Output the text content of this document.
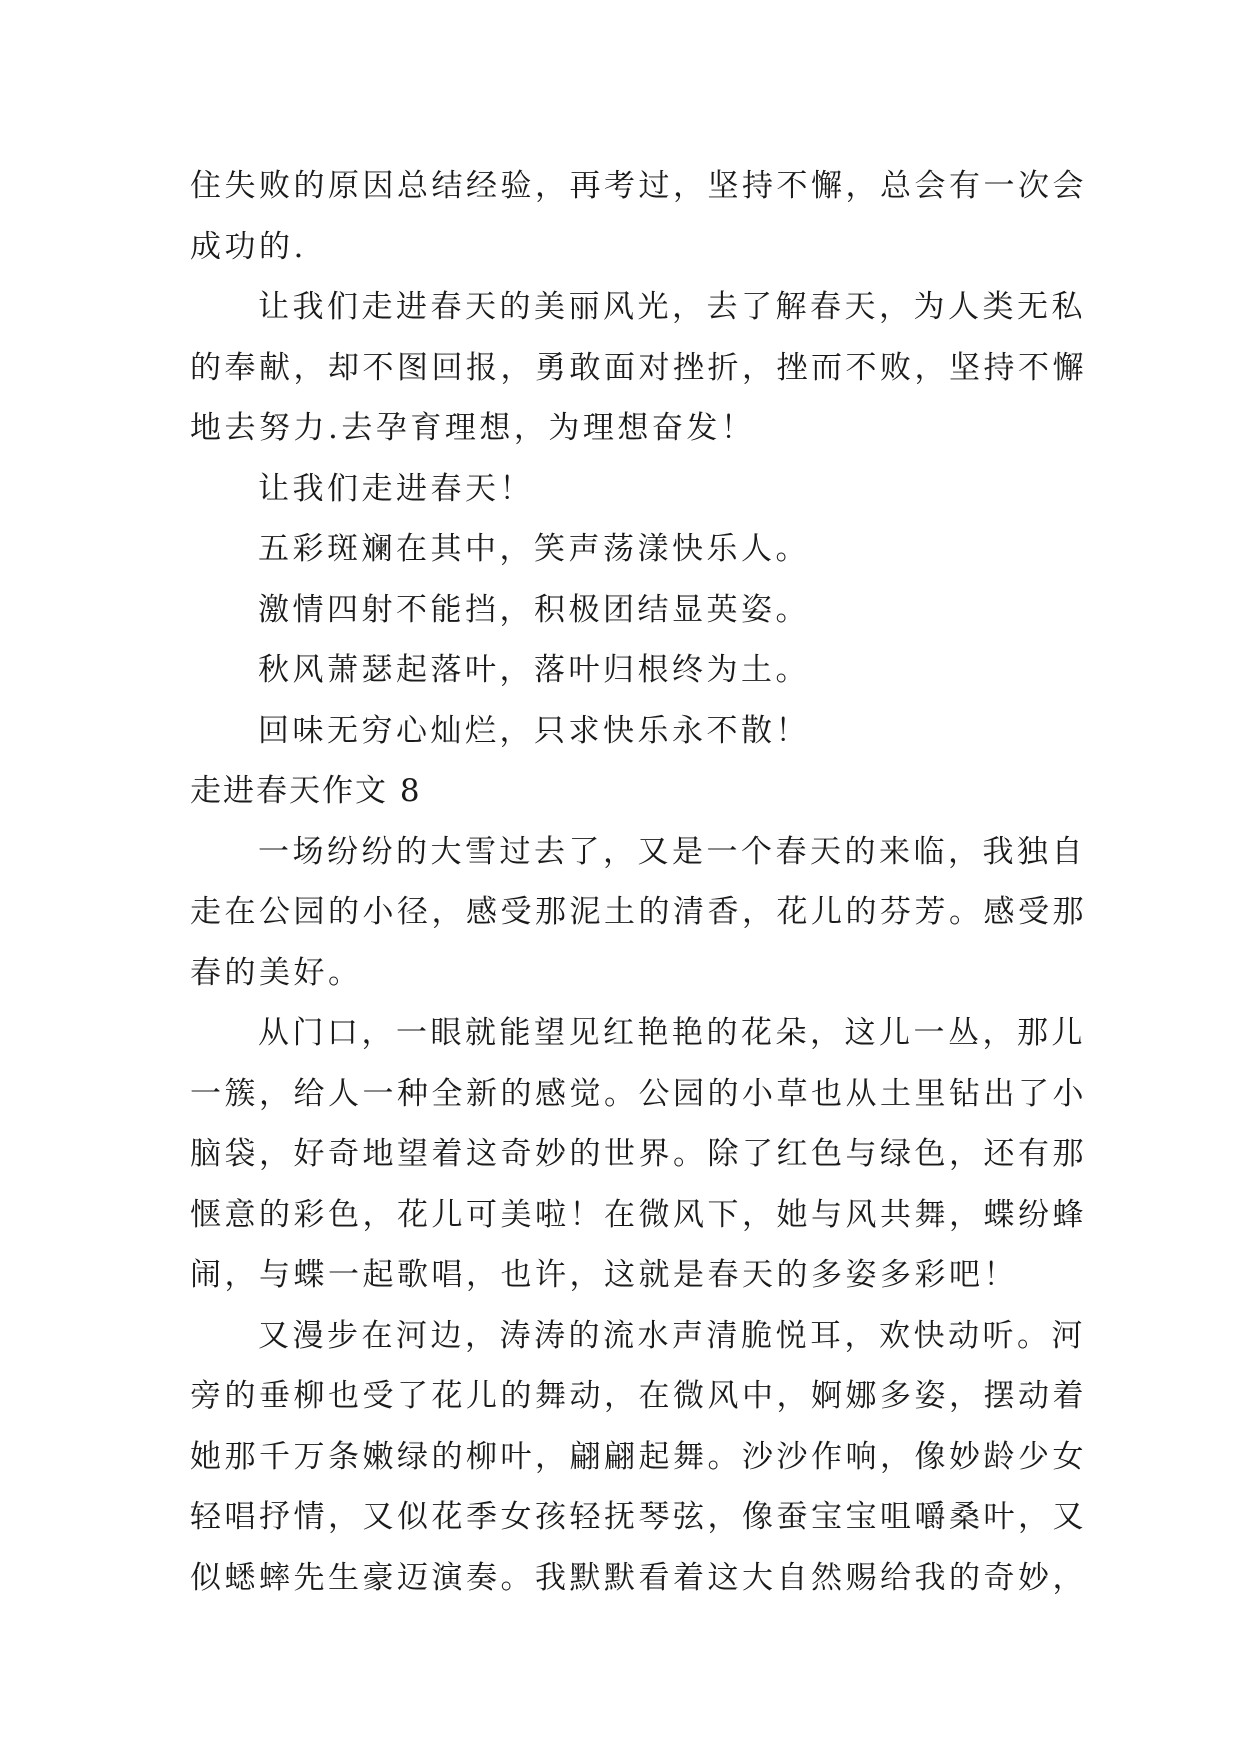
住失败的原因总结经验，再考过，坚持不懈，总会有一次会
成功的.
让我们走进春天的美丽风光，去了解春天，为人类无私
的奉献，却不图回报，勇敢面对挫折，挫而不败，坚持不懈
地去努力.去孕育理想，为理想奋发！
让我们走进春天！
五彩斑斓在其中，笑声荡漾快乐人。
激情四射不能挡，积极团结显英姿。
秋风萧瑟起落叶，落叶归根终为土。
回味无穷心灿烂，只求快乐永不散！
走进春天作文 8
一场纷纷的大雪过去了，又是一个春天的来临，我独自
走在公园的小径，感受那泥土的清香，花儿的芬芳。感受那
春的美好。
从门口，一眼就能望见红艳艳的花朵，这儿一丛，那儿
一簇，给人一种全新的感觉。公园的小草也从土里钻出了小
脑袋，好奇地望着这奇妙的世界。除了红色与绿色，还有那
惬意的彩色，花儿可美啦！在微风下，她与风共舞，蝶纷蜂
闹，与蝶一起歌唱，也许，这就是春天的多姿多彩吧！
又漫步在河边，涛涛的流水声清脆悦耳，欢快动听。河
旁的垂柳也受了花儿的舞动，在微风中，婀娜多姿，摆动着
她那千万条嫩绿的柳叶，翩翩起舞。沙沙作响，像妙龄少女
轻唱抒情，又似花季女孩轻抚琴弦，像蚕宝宝咀嚼桑叶，又
似蟋蟀先生豪迈演奏。我默默看着这大自然赐给我的奇妙，
